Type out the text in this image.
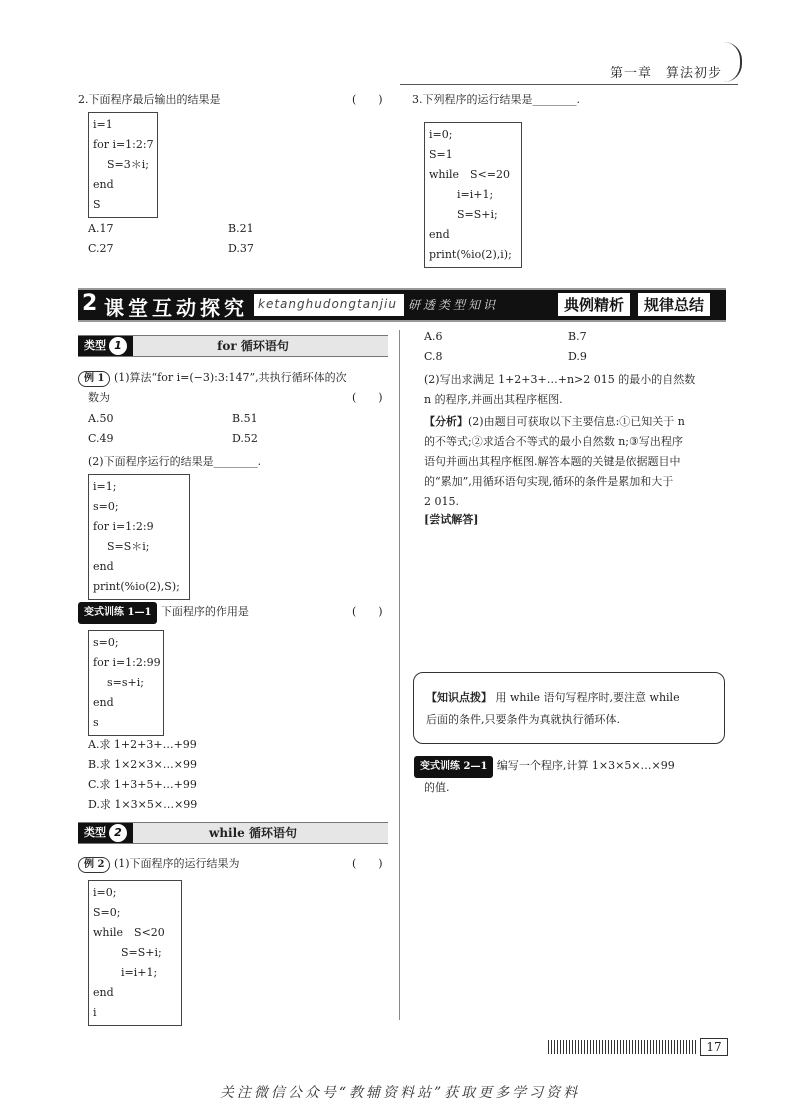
第一章　算法初步
2.下面程序最后输出的结果是	(　　)
i=1
for i=1:2:7
S=3＊i;
end
S
A.17	B.21
C.27	D.37
3.下列程序的运行结果是________.
i=0;
S=1
while　S<=20
i=i+1;
S=S+i;
end
print(%io(2),i);
2 课堂互动探究 ketanghudongtanjiu 研透类型知识	典例精析	规律总结
类型 1	for 循环语句
例 1 (1)算法“for i=(−3):3:147”,共执行循环体的次
数为	(　　)
A.50	B.51
C.49	D.52
(2)下面程序运行的结果是________.
i=1;
s=0;
for i=1:2:9
S=S＊i;
end
print(%io(2),S);
变式训练 1—1 下面程序的作用是	(　　)
s=0;
for i=1:2:99
s=s+i;
end
s
A.求 1+2+3+…+99
B.求 1×2×3×…×99
C.求 1+3+5+…+99
D.求 1×3×5×…×99
类型 2	while 循环语句
例 2 (1)下面程序的运行结果为	(　　)
i=0;
S=0;
while　S<20
S=S+i;
i=i+1;
end
i
A.6	B.7
C.8	D.9
(2)写出求满足 1+2+3+…+n>2 015 的最小的自然数
n 的程序,并画出其程序框图.
【分析】(2)由题目可获取以下主要信息:①已知关于 n
的不等式;②求适合不等式的最小自然数 n;③写出程序
语句并画出其程序框图.解答本题的关键是依据题目中
的“累加”,用循环语句实现,循环的条件是累加和大于
2 015.
[尝试解答]
【知识点拨】 用 while 语句写程序时,要注意 while
后面的条件,只要条件为真就执行循环体.
变式训练 2—1 编写一个程序,计算 1×3×5×…×99
的值.
17
关注微信公众号“教辅资料站”获取更多学习资料
